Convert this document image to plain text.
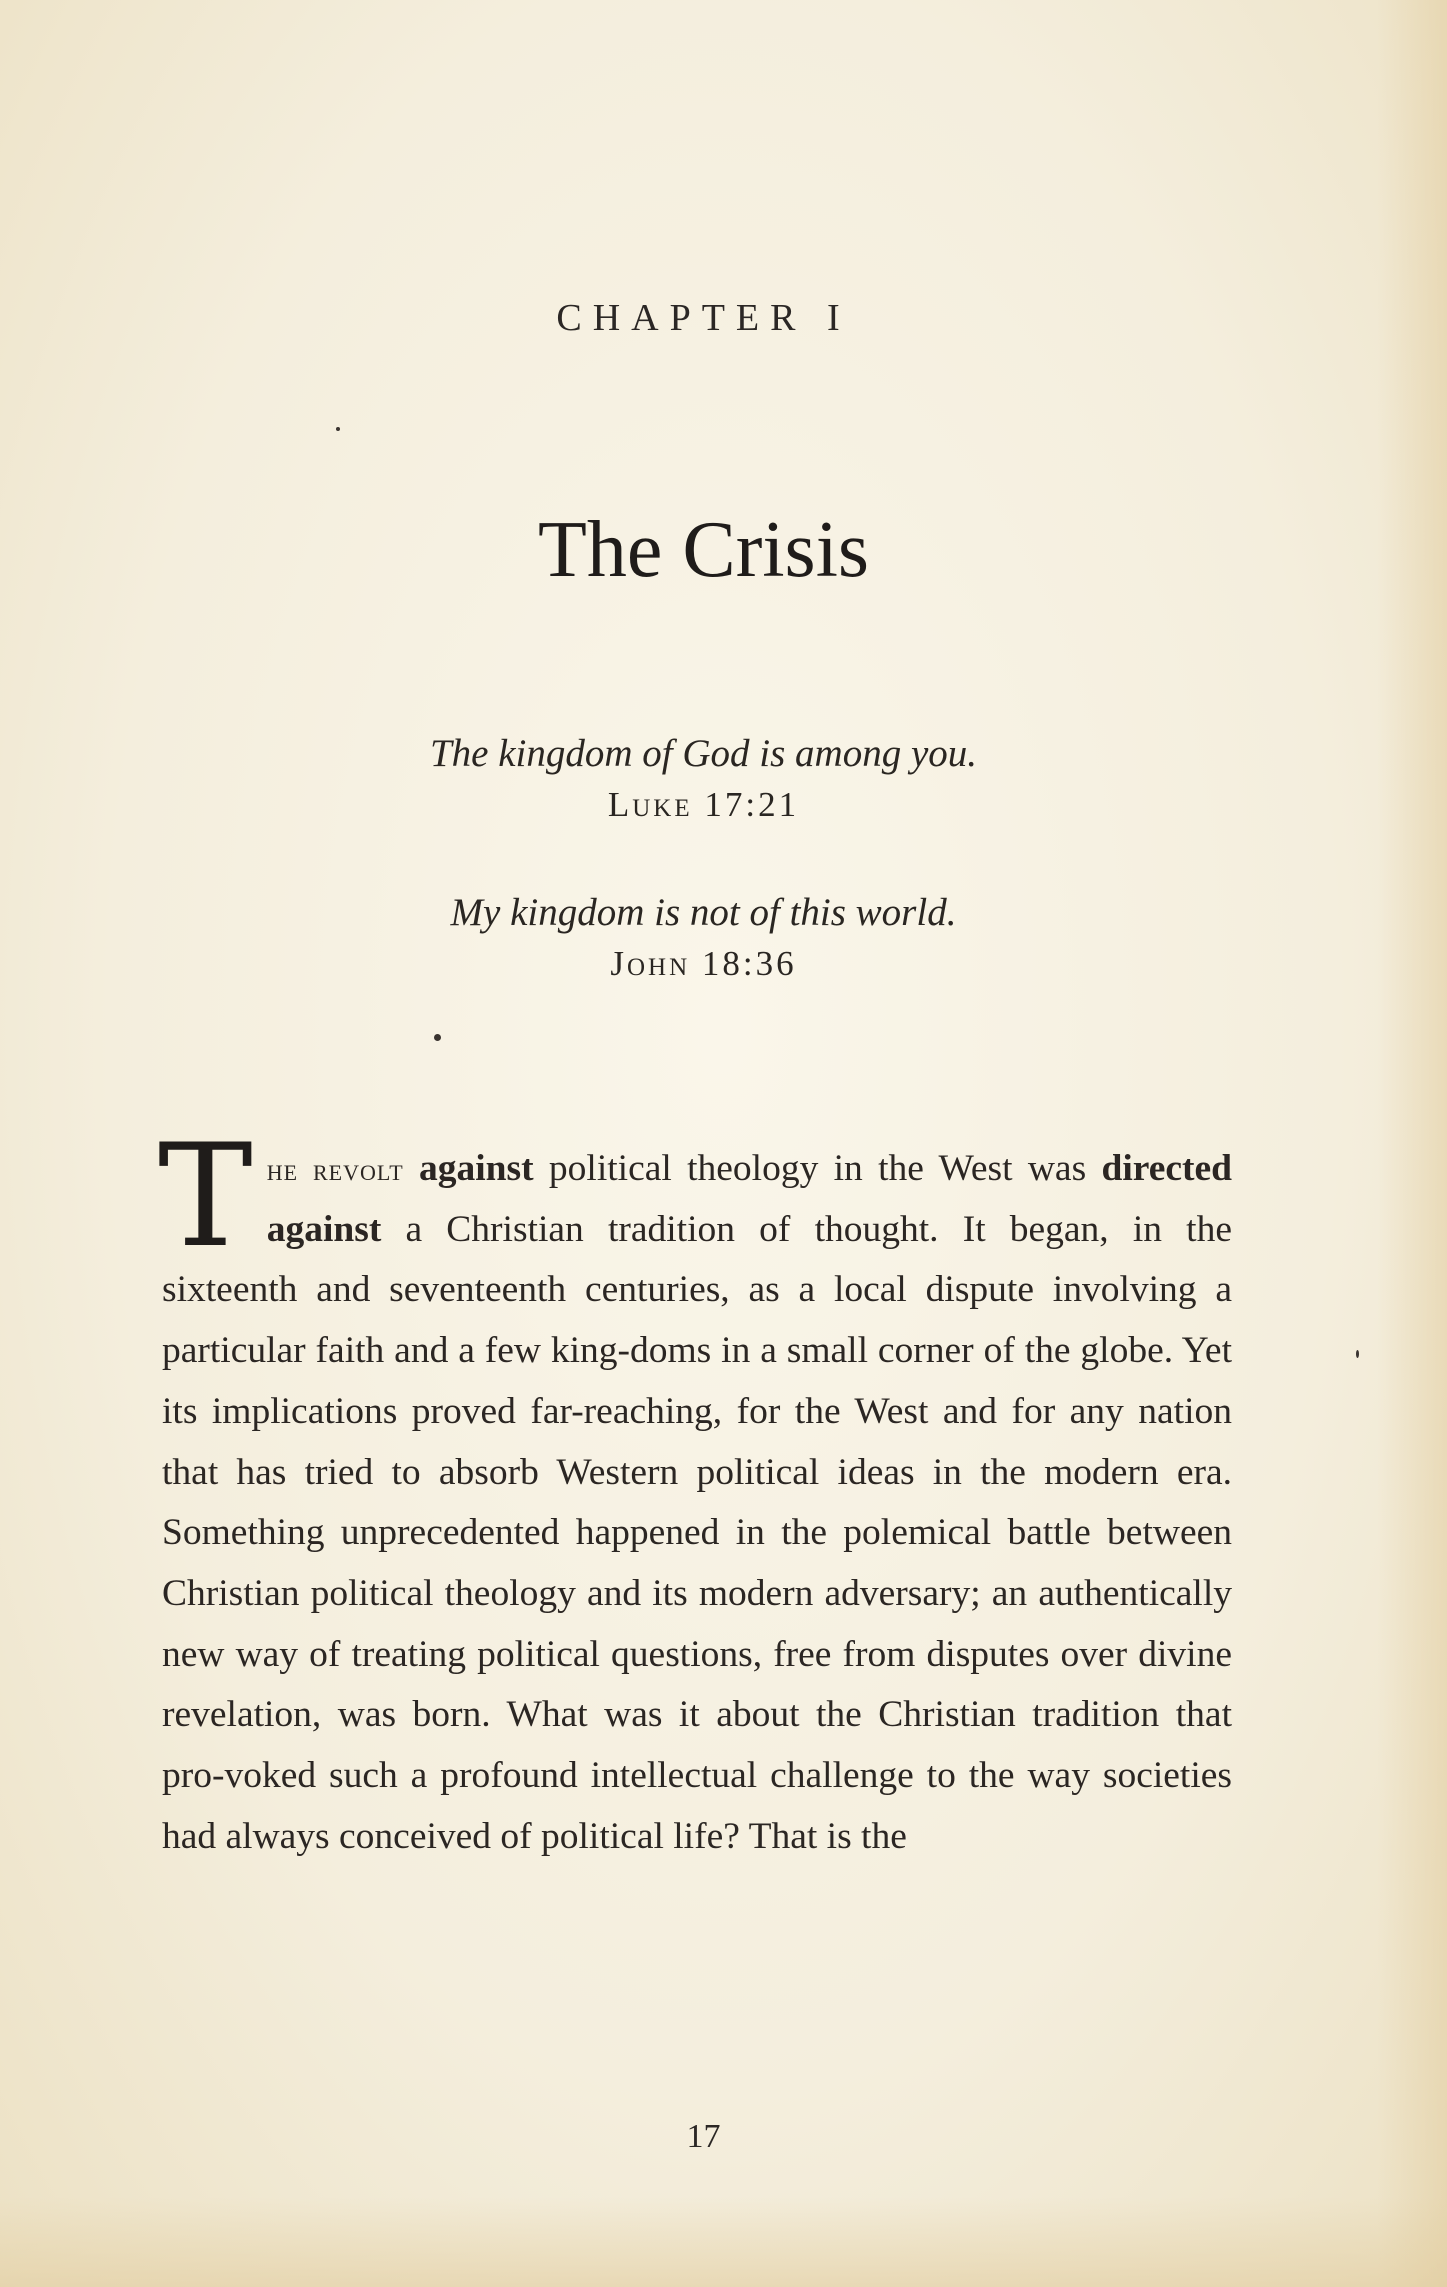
CHAPTER I
The Crisis
The kingdom of God is among you.
Luke 17:21
My kingdom is not of this world.
John 18:36
The revolt against political theology in the West was directed against a Christian tradition of thought. It began, in the sixteenth and seventeenth centuries, as a local dispute involving a particular faith and a few king-doms in a small corner of the globe. Yet its implications proved far-reaching, for the West and for any nation that has tried to absorb Western political ideas in the modern era. Something unprecedented happened in the polemical battle between Christian political theology and its modern adversary; an authentically new way of treating political questions, free from disputes over divine revelation, was born. What was it about the Christian tradition that pro-voked such a profound intellectual challenge to the way societies had always conceived of political life? That is the
17
